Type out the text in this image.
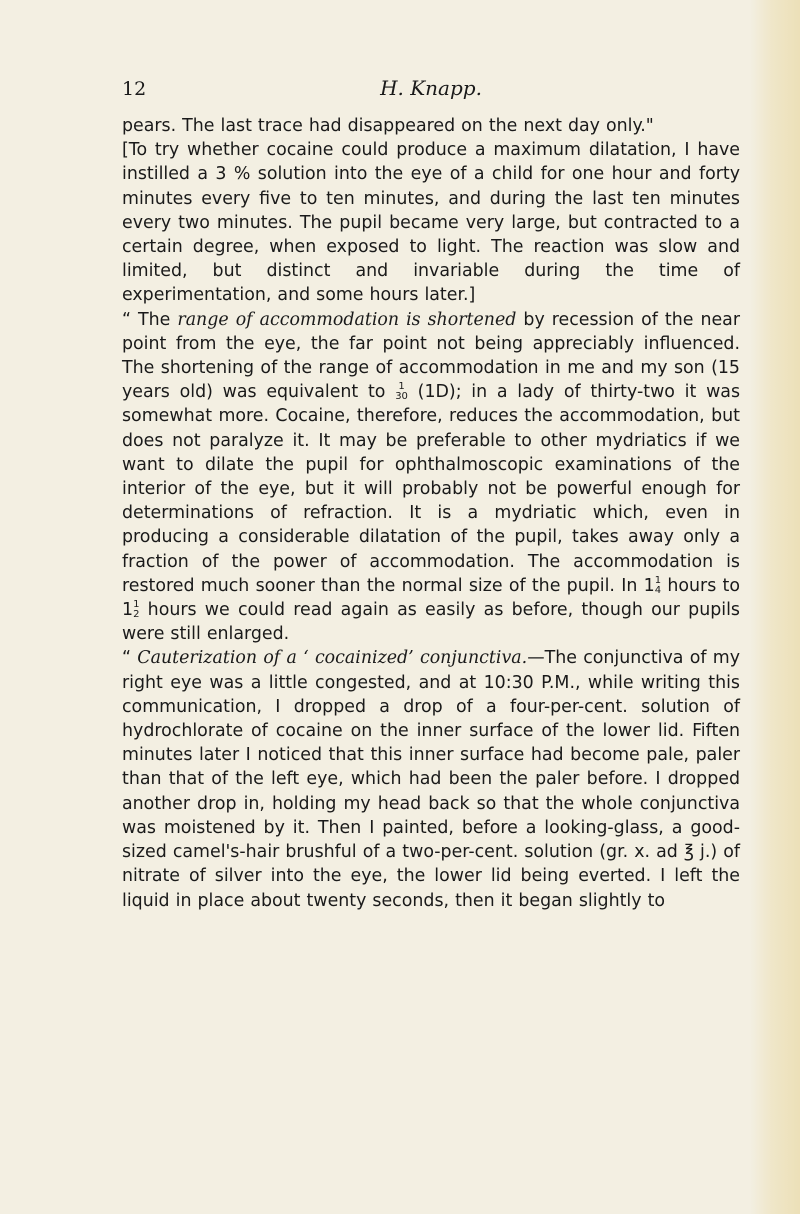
12	H. Knapp.

pears. The last trace had disappeared on the next day only."

[To try whether cocaine could produce a maximum dilatation, I have instilled a 3 % solution into the eye of a child for one hour and forty minutes every five to ten minutes, and during the last ten minutes every two minutes. The pupil became very large, but contracted to a certain degree, when exposed to light. The reaction was slow and limited, but distinct and invariable during the time of experimentation, and some hours later.]

“ The range of accommodation is shortened by recession of the near point from the eye, the far point not being appreciably influenced. The shortening of the range of accommodation in me and my son (15 years old) was equivalent to 1
30 (1D); in a lady of thirty-two it was somewhat more. Cocaine, therefore, reduces the accommodation, but does not paralyze it. It may be preferable to other mydriatics if we want to dilate the pupil for ophthalmoscopic examinations of the interior of the eye, but it will probably not be powerful enough for determinations of refraction. It is a mydriatic which, even in producing a considerable dilatation of the pupil, takes away only a fraction of the power of accommodation. The accommodation is restored much sooner than the normal size of the pupil. In 1 1
4 hours to 1 1
2 hours we could read again as easily as before, though our pupils were still enlarged.

“ Cauterization of a ‘ cocainized’ conjunctiva.—The conjunctiva of my right eye was a little congested, and at 10:30 P.M., while writing this communication, I dropped a drop of a four-per-cent. solution of hydrochlorate of cocaine on the inner surface of the lower lid. Fiften minutes later I noticed that this inner surface had become pale, paler than that of the left eye, which had been the paler before. I dropped another drop in, holding my head back so that the whole conjunctiva was moistened by it. Then I painted, before a looking-glass, a good-sized camel's-hair brushful of a two-per-cent. solution (gr. x. ad ℥ j.) of nitrate of silver into the eye, the lower lid being everted. I left the liquid in place about twenty seconds, then it began slightly to
